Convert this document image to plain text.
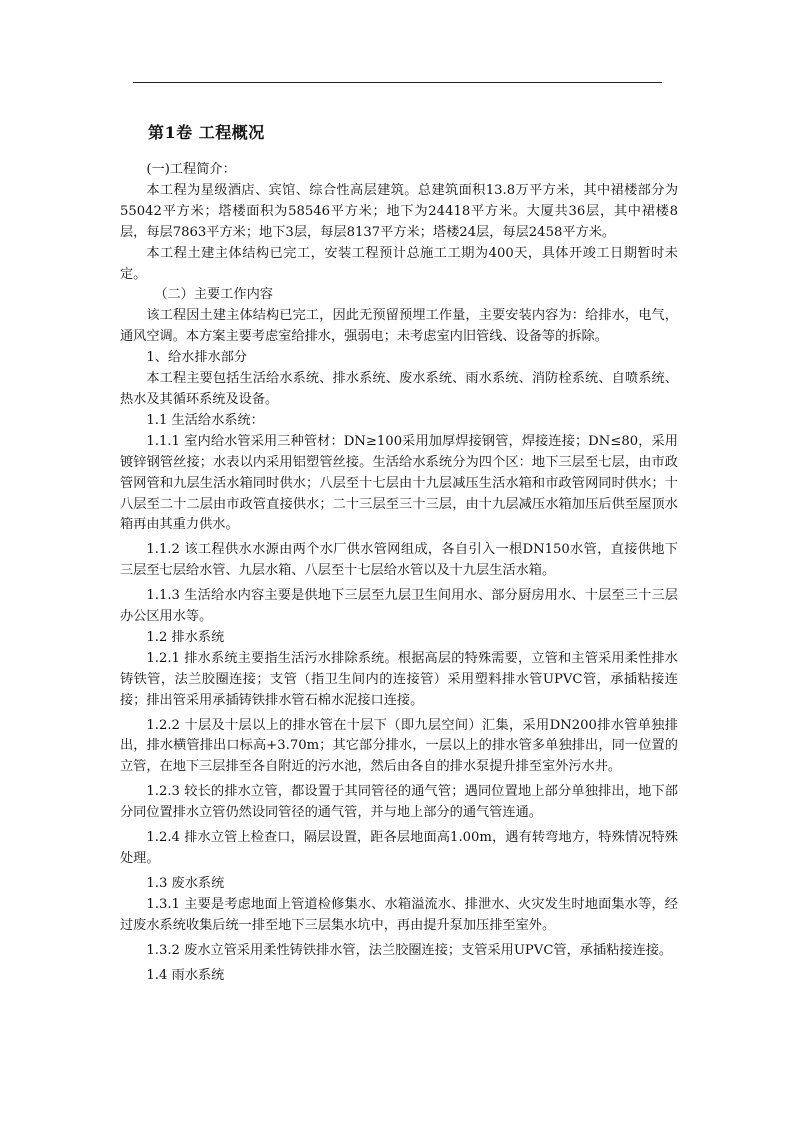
第1卷 工程概况

(一)工程简介：

本工程为星级酒店、宾馆、综合性高层建筑。总建筑面积13.8万平方米，其中裙楼部分为55042平方米；塔楼面积为58546平方米；地下为24418平方米。大厦共36层，其中裙楼8层，每层7863平方米；地下3层，每层8137平方米；塔楼24层，每层2458平方米。

本工程土建主体结构已完工，安装工程预计总施工工期为400天，具体开竣工日期暂时未定。

（二）主要工作内容

该工程因土建主体结构已完工，因此无预留预埋工作量，主要安装内容为：给排水，电气，通风空调。本方案主要考虑室给排水，强弱电；未考虑室内旧管线、设备等的拆除。

1、给水排水部分

本工程主要包括生活给水系统、排水系统、废水系统、雨水系统、消防栓系统、自喷系统、热水及其循环系统及设备。

1.1 生活给水系统：

1.1.1 室内给水管采用三种管材：DN≥100采用加厚焊接钢管，焊接连接；DN≤80，采用镀锌钢管丝接；水表以内采用铝塑管丝接。生活给水系统分为四个区：地下三层至七层，由市政管网管和九层生活水箱同时供水；八层至十七层由十九层减压生活水箱和市政管网同时供水；十八层至二十二层由市政管直接供水；二十三层至三十三层，由十九层减压水箱加压后供至屋顶水箱再由其重力供水。

1.1.2 该工程供水水源由两个水厂供水管网组成，各自引入一根DN150水管，直接供地下三层至七层给水管、九层水箱、八层至十七层给水管以及十九层生活水箱。

1.1.3 生活给水内容主要是供地下三层至九层卫生间用水、部分厨房用水、十层至三十三层办公区用水等。

1.2 排水系统

1.2.1 排水系统主要指生活污水排除系统。根据高层的特殊需要，立管和主管采用柔性排水铸铁管，法兰胶圈连接；支管（指卫生间内的连接管）采用塑料排水管UPVC管，承插粘接连接；排出管采用承插铸铁排水管石棉水泥接口连接。

1.2.2 十层及十层以上的排水管在十层下（即九层空间）汇集，采用DN200排水管单独排出，排水横管排出口标高+3.70m；其它部分排水，一层以上的排水管多单独排出，同一位置的立管，在地下三层排至各自附近的污水池，然后由各自的排水泵提升排至室外污水井。

1.2.3 较长的排水立管，都设置于其同管径的通气管；遇同位置地上部分单独排出，地下部分同位置排水立管仍然设同管径的通气管，并与地上部分的通气管连通。

1.2.4 排水立管上检查口，隔层设置，距各层地面高1.00m，遇有转弯地方，特殊情况特殊处理。

1.3 废水系统

1.3.1 主要是考虑地面上管道检修集水、水箱溢流水、排泄水、火灾发生时地面集水等，经过废水系统收集后统一排至地下三层集水坑中，再由提升泵加压排至室外。

1.3.2 废水立管采用柔性铸铁排水管，法兰胶圈连接；支管采用UPVC管，承插粘接连接。

1.4 雨水系统
